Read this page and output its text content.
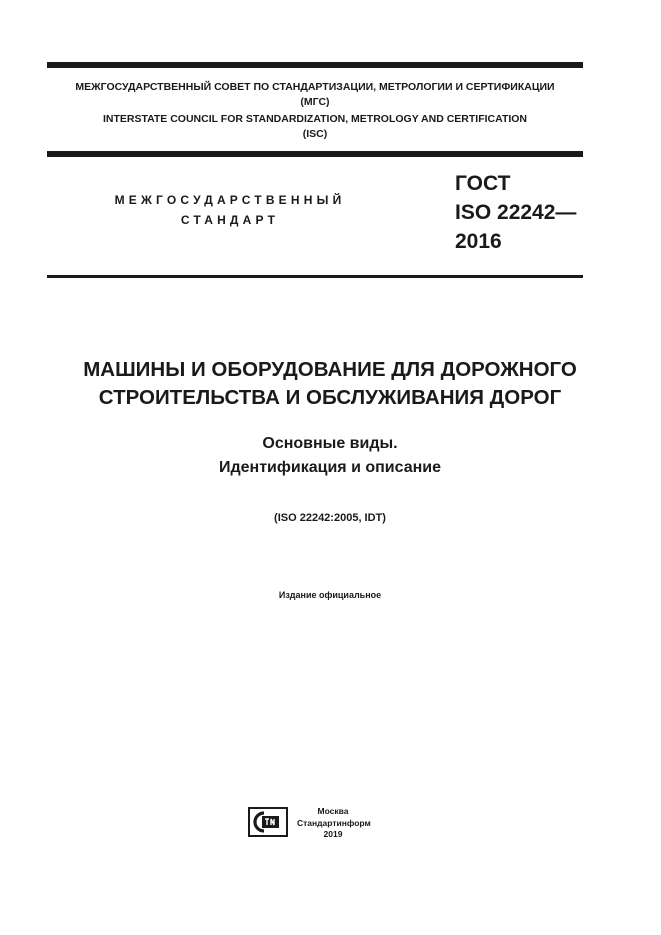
МЕЖГОСУДАРСТВЕННЫЙ СОВЕТ ПО СТАНДАРТИЗАЦИИ, МЕТРОЛОГИИ И СЕРТИФИКАЦИИ
(МГС)
INTERSTATE COUNCIL FOR STANDARDIZATION, METROLOGY AND CERTIFICATION
(ISC)
МЕЖГОСУДАРСТВЕННЫЙ
СТАНДАРТ
ГОСТ
ISO 22242—
2016
МАШИНЫ И ОБОРУДОВАНИЕ ДЛЯ ДОРОЖНОГО
СТРОИТЕЛЬСТВА И ОБСЛУЖИВАНИЯ ДОРОГ
Основные виды.
Идентификация и описание
(ISO 22242:2005, IDT)
Издание официальное
Москва
Стандартинформ
2019
